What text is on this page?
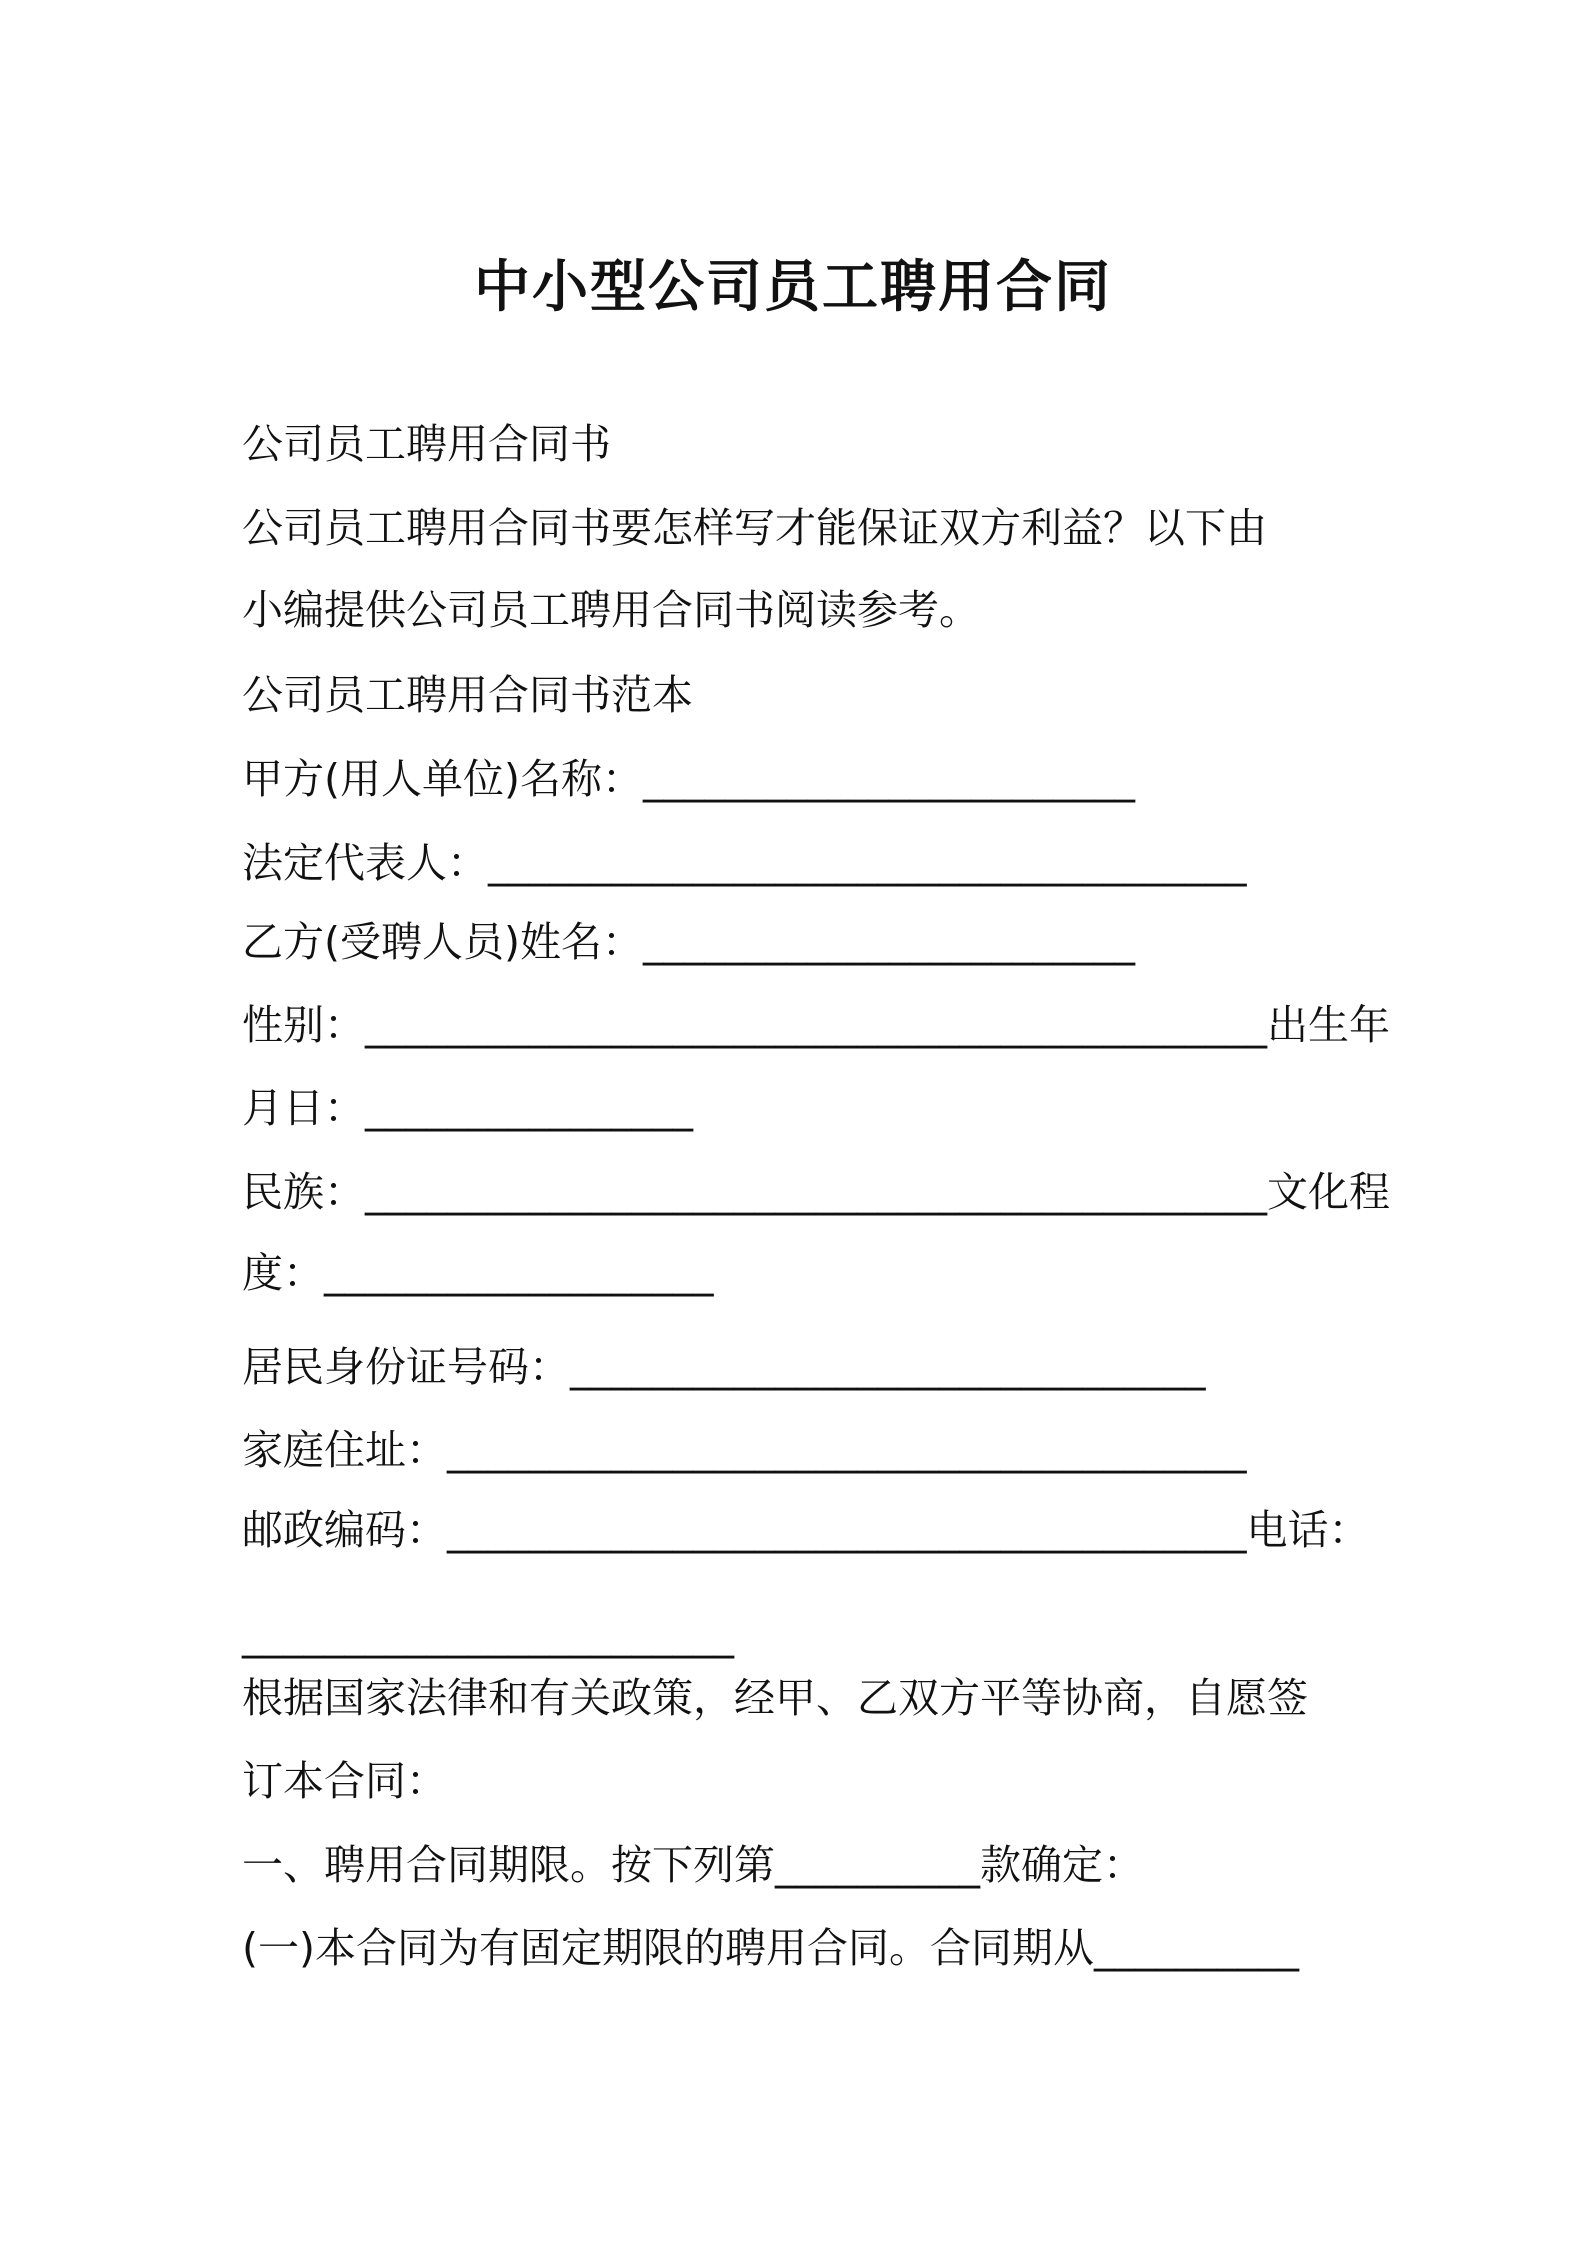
中小型公司员工聘用合同
公司员工聘用合同书
公司员工聘用合同书要怎样写才能保证双方利益？以下由
小编提供公司员工聘用合同书阅读参考。
公司员工聘用合同书范本
甲方(用人单位)名称：________________________
法定代表人：_____________________________________
乙方(受聘人员)姓名：________________________
性别：____________________________________________ 出生年
月日：________________
民族：____________________________________________ 文化程
度：___________________
居民身份证号码：_______________________________
家庭住址：_______________________________________
邮政编码：_______________________________________ 电话：
________________________
根据国家法律和有关政策，经甲、乙双方平等协商，自愿签
订本合同：
一、聘用合同期限。按下列第__________款确定：
(一)本合同为有固定期限的聘用合同。合同期从__________
